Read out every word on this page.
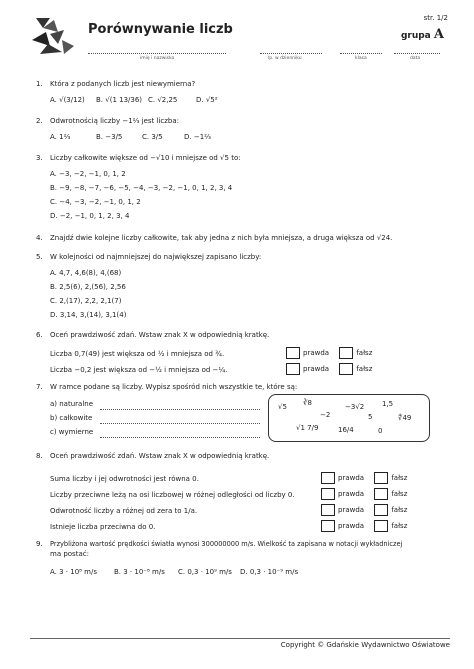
Porównywanie liczb
str. 1/2
grupa A
imię i nazwisko	lp. w dzienniku	klasa	data
1. Która z podanych liczb jest niewymierna?
A. √(3/12) B. √(1 13/36) C. √2,25	D. √5²
2. Odwrotnością liczby −1⅔ jest liczba:
A. 1⅔	B. −3/5	C. 3/5	D. −1⅔
3. Liczby całkowite większe od −√10 i mniejsze od √5 to:
A. −3, −2, −1, 0, 1, 2
B. −9, −8, −7, −6, −5, −4, −3, −2, −1, 0, 1, 2, 3, 4
C. −4, −3, −2, −1, 0, 1, 2
D. −2, −1, 0, 1, 2, 3, 4
4. Znajdź dwie kolejne liczby całkowite, tak aby jedna z nich była mniejsza, a druga większa od √24.
5. W kolejności od najmniejszej do największej zapisano liczby:
A. 4,7, 4,6(8), 4,(68)
B. 2,5(6), 2,(56), 2,56
C. 2,(17), 2,2, 2,1(7)
D. 3,14, 3,(14), 3,1(4)
6. Oceń prawdziwość zdań. Wstaw znak X w odpowiednią kratkę.
Liczba 0,7(49) jest większa od ½ i mniejsza od ¾.	prawda	fałsz
Liczba −0,2 jest większa od −½ i mniejsza od −¼.	prawda	fałsz
7. W ramce podane są liczby. Wypisz spośród nich wszystkie te, które są:
a) naturalne
b) całkowite
c) wymierne
√5 ∛8	−3√2	1,5
−2	5
√1 7/9	16/4	0
∜49
8. Oceń prawdziwość zdań. Wstaw znak X w odpowiednią kratkę.
Suma liczby i jej odwrotności jest równa 0.	prawda	fałsz
Liczby przeciwne leżą na osi liczbowej w różnej odległości od liczby 0.	prawda	fałsz
Odwrotność liczby a różnej od zera to 1/a.	prawda	fałsz
Istnieje liczba przeciwna do 0.	prawda	fałsz
9. Przybliżona wartość prędkości światła wynosi 300000000 m/s. Wielkość ta zapisana w notacji wykładniczej
ma postać:
A. 3 · 10⁸ m/s B. 3 · 10⁻⁸ m/s C. 0,3 · 10⁹ m/s D. 0,3 · 10⁻⁹ m/s
Copyright © Gdańskie Wydawnictwo Oświatowe
